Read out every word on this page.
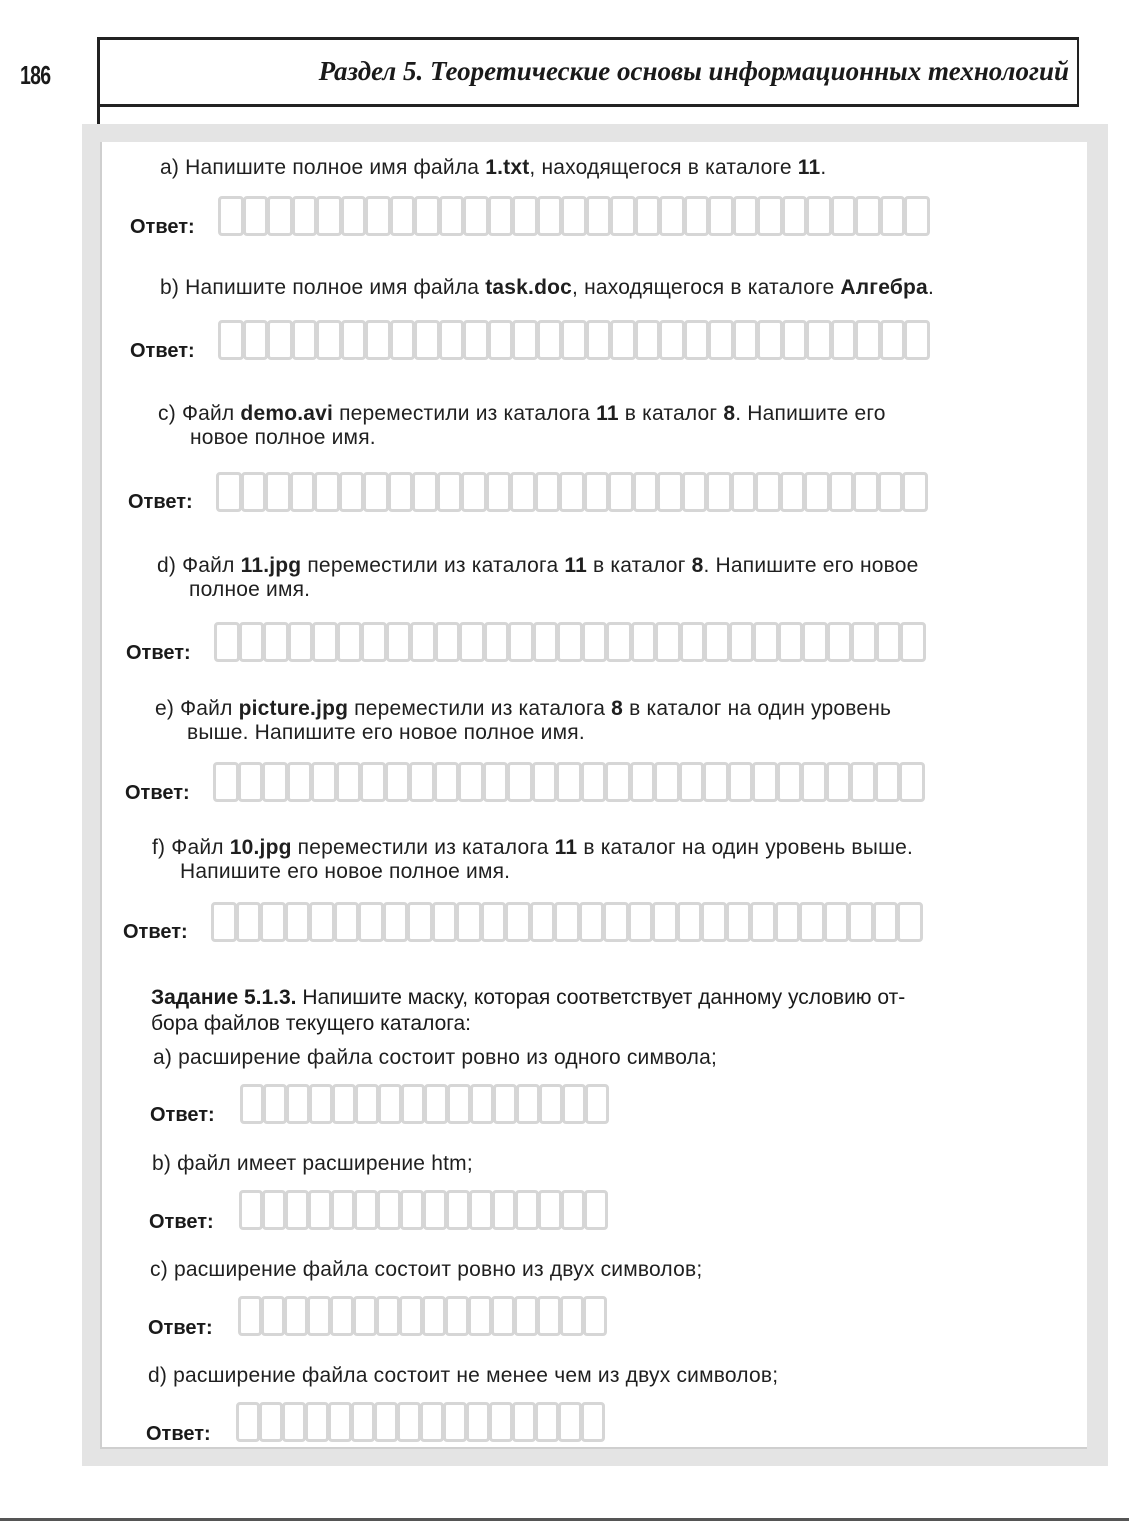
186	Раздел 5. Теоретические основы информационных технологий
a) Напишите полное имя файла 1.txt, находящегося в каталоге 11.
Ответ:
b) Напишите полное имя файла task.doc, находящегося в каталоге Алгебра.
Ответ:
c) Файл demo.avi переместили из каталога 11 в каталог 8. Напишите его
новое полное имя.
Ответ:
d) Файл 11.jpg переместили из каталога 11 в каталог 8. Напишите его новое
полное имя.
Ответ:
e) Файл picture.jpg переместили из каталога 8 в каталог на один уровень
выше. Напишите его новое полное имя.
Ответ:
f) Файл 10.jpg переместили из каталога 11 в каталог на один уровень выше.
Напишите его новое полное имя.
Ответ:
Задание 5.1.3. Напишите маску, которая соответствует данному условию от-
бора файлов текущего каталога:
a) расширение файла состоит ровно из одного символа;
Ответ:
b) файл имеет расширение htm;
Ответ:
c) расширение файла состоит ровно из двух символов;
Ответ:
d) расширение файла состоит не менее чем из двух символов;
Ответ:
